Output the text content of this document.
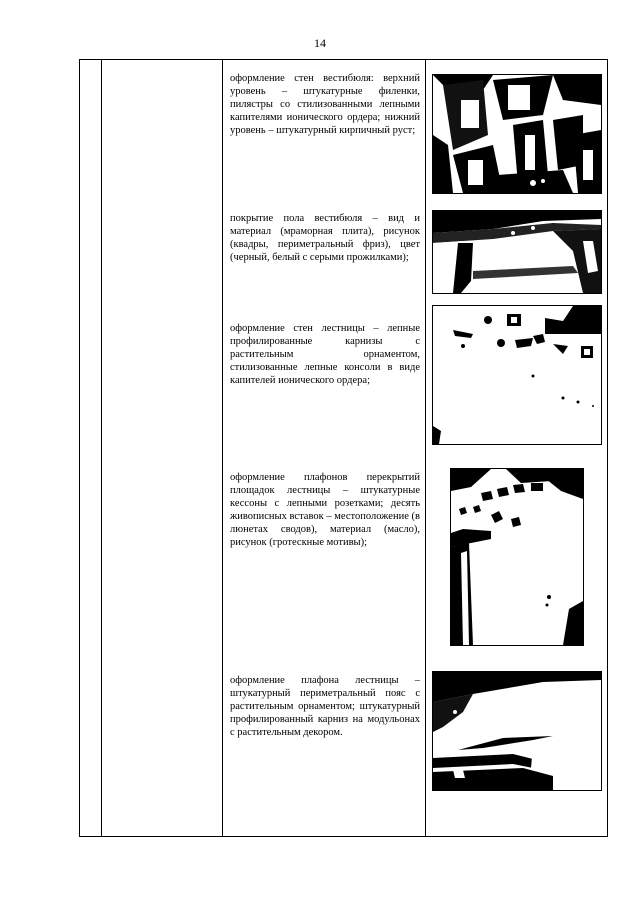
14

оформление стен вестибюля: верхний уровень – штукатурные филенки, пилястры со стилизованными лепными капителями ионического ордера; нижний уровень – штукатурный кирпичный руст;
покрытие пола вестибюля – вид и материал (мраморная плита), рисунок (квадры, периметральный фриз), цвет (черный, белый с серыми прожилками);
оформление стен лестницы – лепные профилированные карнизы с растительным орнаментом, стилизованные лепные консоли в виде капителей ионического ордера;
оформление плафонов перекрытий площадок лестницы – штукатурные кессоны с лепными розетками; десять живописных вставок – местоположение (в люнетах сводов), материал (масло), рисунок (гротескные мотивы);
оформление плафона лестницы – штукатурный периметральный пояс с растительным орнаментом; штукатурный профилированный карниз на модульонах с растительным декором.
